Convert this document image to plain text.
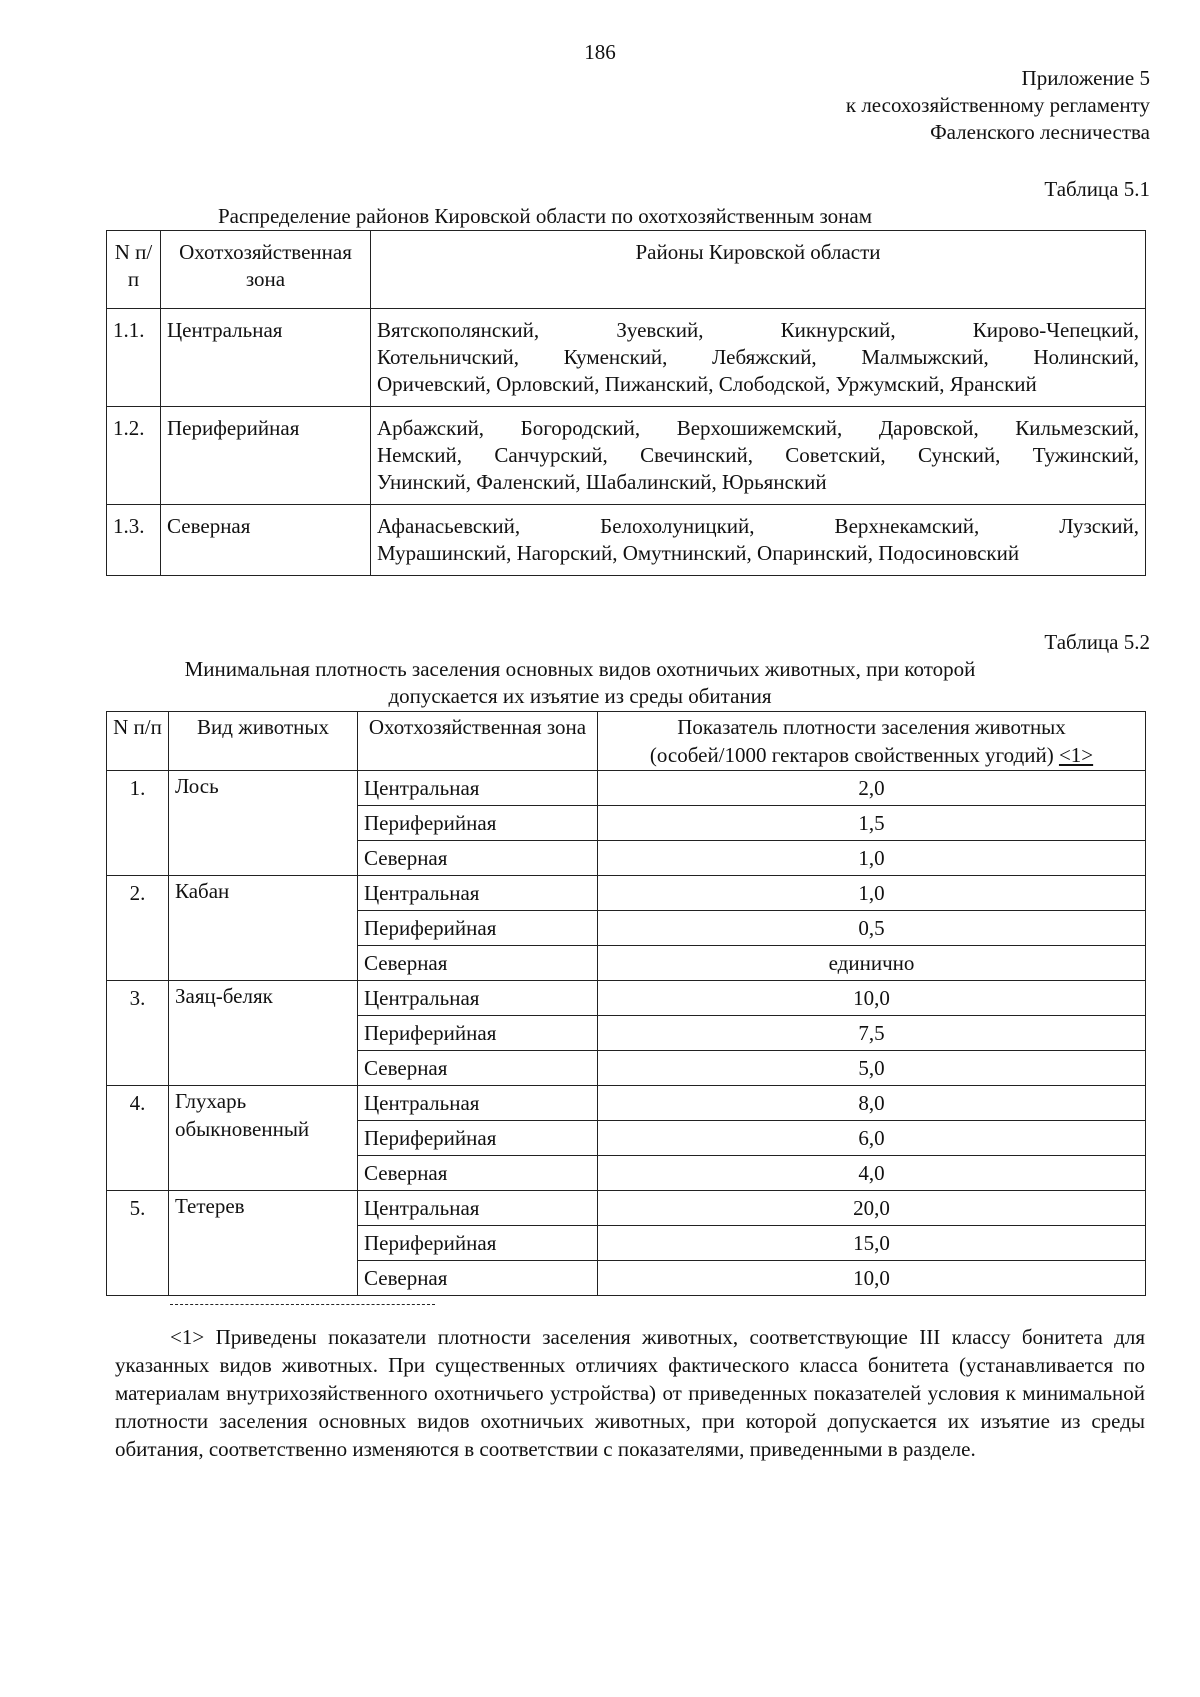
186
Приложение 5
к лесохозяйственному регламенту
Фаленского лесничества
Таблица 5.1
Распределение районов Кировской области по охотхозяйственным зонам
N п/п	Охотхозяйственная зона	Районы Кировской области
1.1.	Центральная	Вятскополянский, Зуевский, Кикнурский, Кирово-Чепецкий,
Котельничский, Куменский, Лебяжский, Малмыжский, Нолинский,
Оричевский, Орловский, Пижанский, Слободской, Уржумский, Яранский

1.2.	Периферийная	Арбажский, Богородский, Верхошижемский, Даровской, Кильмезский,
Немский, Санчурский, Свечинский, Советский, Сунский, Тужинский,
Унинский, Фаленский, Шабалинский, Юрьянский

1.3.	Северная	Афанасьевский, Белохолуницкий, Верхнекамский, Лузский,
Мурашинский, Нагорский, Омутнинский, Опаринский, Подосиновский
Таблица 5.2
Минимальная плотность заселения основных видов охотничьих животных, при которой
допускается их изъятие из среды обитания
N п/п	Вид животных	Охотхозяйственная зона	Показатель плотности заселения животных
(особей/1000 гектаров свойственных угодий) <1>

1.	Лось	Центральная	2,0
		Периферийная	1,5
		Северная	1,0
2.	Кабан	Центральная	1,0
		Периферийная	0,5
		Северная	единично
3.	Заяц-беляк	Центральная	10,0
		Периферийная	7,5
		Северная	5,0
4.	Глухарь обыкновенный	Центральная	8,0
		Периферийная	6,0
		Северная	4,0
5.	Тетерев	Центральная	20,0
		Периферийная	15,0
		Северная	10,0
<1> Приведены показатели плотности заселения животных, соответствующие III классу бонитета для указанных видов животных. При существенных отличиях фактического класса бонитета (устанавливается по материалам внутрихозяйственного охотничьего устройства) от приведенных показателей условия к минимальной плотности заселения основных видов охотничьих животных, при которой допускается их изъятие из среды обитания, соответственно изменяются в соответствии с показателями, приведенными в разделе.
